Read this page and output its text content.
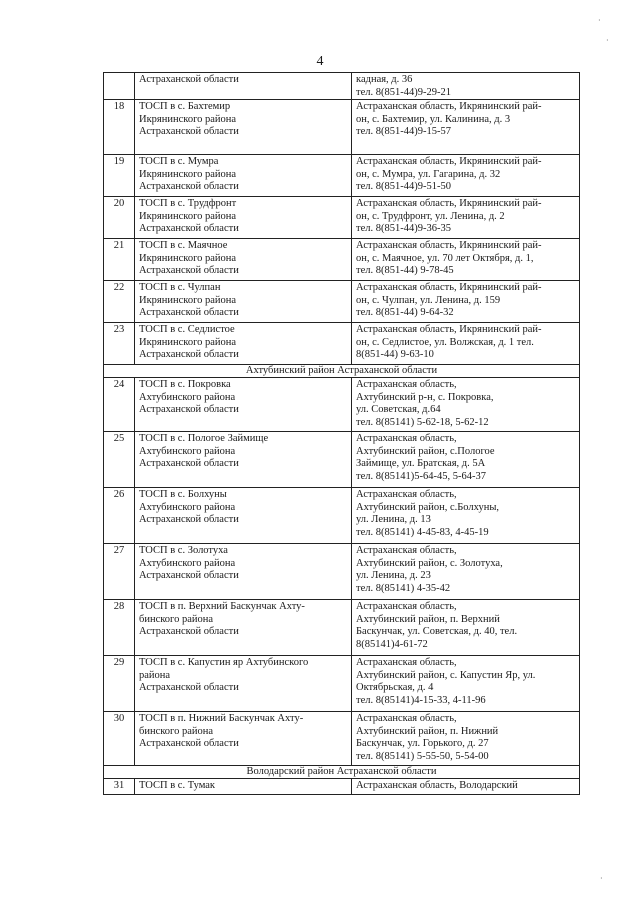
·
·
·
4
	Астраханской области	кадная, д. 36
тел. 8(851-44)9-29-21
18	ТОСП в с. Бахтемир
Икрянинского района
Астраханской области	Астраханская область, Икрянинский рай-
он, с. Бахтемир, ул. Калинина, д. 3
тел. 8(851-44)9-15-57
19	ТОСП в с. Мумра
Икрянинского района
Астраханской области	Астраханская область, Икрянинский рай-
он, с. Мумра, ул. Гагарина, д. 32
тел. 8(851-44)9-51-50
20	ТОСП в с. Трудфронт
Икрянинского района
Астраханской области	Астраханская область, Икрянинский рай-
он, с. Трудфронт, ул. Ленина, д. 2
тел. 8(851-44)9-36-35
21	ТОСП в с. Маячное
Икрянинского района
Астраханской области	Астраханская область, Икрянинский рай-
он, с. Маячное, ул. 70 лет Октября, д. 1,
тел. 8(851-44) 9-78-45
22	ТОСП в с. Чулпан
Икрянинского района
Астраханской области	Астраханская область, Икрянинский рай-
он, с. Чулпан, ул. Ленина, д. 159
тел. 8(851-44) 9-64-32
23	ТОСП в с. Седлистое
Икрянинского района
Астраханской области	Астраханская область, Икрянинский рай-
он, с. Седлистое, ул. Волжская, д. 1 тел.
8(851-44) 9-63-10
Ахтубинский район Астраханской области		
24	ТОСП в с. Покровка
Ахтубинского района
Астраханской области	Астраханская область,
Ахтубинский р-н, с. Покровка,
ул. Советская, д.64
тел. 8(85141) 5-62-18, 5-62-12
25	ТОСП в с. Пологое Займище
Ахтубинского района
Астраханской области	Астраханская область,
Ахтубинский район, с.Пологое
Займище, ул. Братская, д. 5А
тел. 8(85141)5-64-45, 5-64-37
26	ТОСП в с. Болхуны
Ахтубинского района
Астраханской области	Астраханская область,
Ахтубинский район, с.Болхуны,
ул. Ленина, д. 13
тел. 8(85141) 4-45-83, 4-45-19
27	ТОСП в с. Золотуха
Ахтубинского района
Астраханской области	Астраханская область,
Ахтубинский район, с. Золотуха,
ул. Ленина, д. 23
тел. 8(85141) 4-35-42
28	ТОСП в п. Верхний Баскунчак Ахту-
бинского района
Астраханской области	Астраханская область,
Ахтубинский район, п. Верхний
Баскунчак, ул. Советская, д. 40, тел.
8(85141)4-61-72
29	ТОСП в с. Капустин яр Ахтубинского
района
Астраханской области	Астраханская область,
Ахтубинский район, с. Капустин Яр, ул.
Октябрьская, д. 4
тел. 8(85141)4-15-33, 4-11-96
30	ТОСП в п. Нижний Баскунчак Ахту-
бинского района
Астраханской области	Астраханская область,
Ахтубинский район, п. Нижний
Баскунчак, ул. Горького, д. 27
тел. 8(85141) 5-55-50, 5-54-00
Володарский район Астраханской области		
31	ТОСП в с. Тумак	Астраханская область, Володарский
